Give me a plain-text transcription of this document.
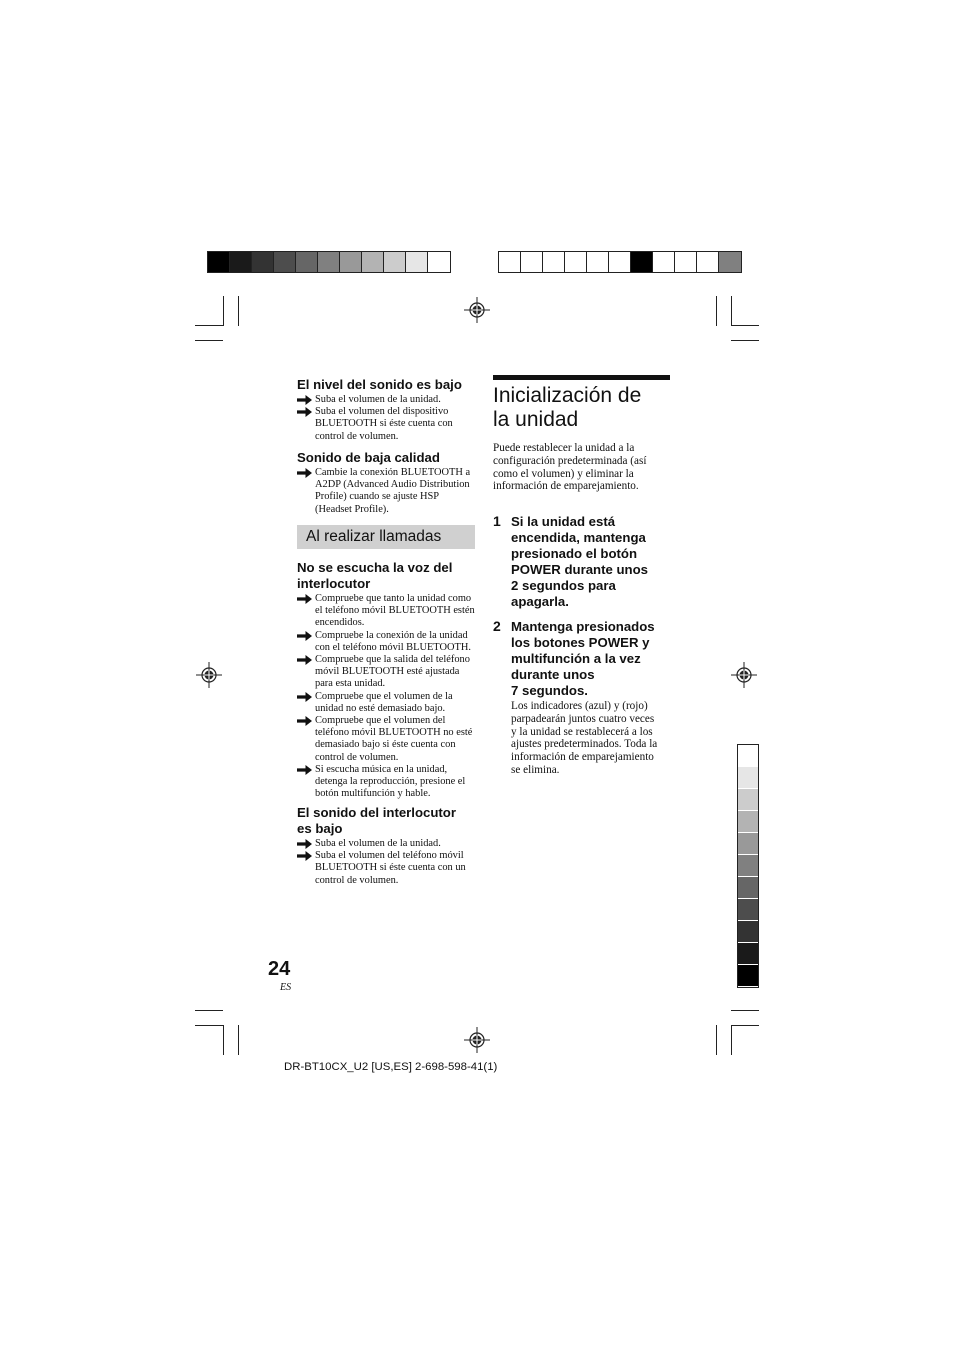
El nivel del sonido es bajo
Suba el volumen de la unidad.
Suba el volumen del dispositivo BLUETOOTH si éste cuenta con control de volumen.
Sonido de baja calidad
Cambie la conexión BLUETOOTH a A2DP (Advanced Audio Distribution Profile) cuando se ajuste HSP (Headset Profile).
Al realizar llamadas
No se escucha la voz del
interlocutor
Compruebe que tanto la unidad como el teléfono móvil BLUETOOTH estén encendidos.
Compruebe la conexión de la unidad con el teléfono móvil BLUETOOTH.
Compruebe que la salida del teléfono móvil BLUETOOTH esté ajustada para esta unidad.
Compruebe que el volumen de la unidad no esté demasiado bajo.
Compruebe que el volumen del teléfono móvil BLUETOOTH no esté demasiado bajo si éste cuenta con control de volumen.
Si escucha música en la unidad, detenga la reproducción, presione el botón multifunción y hable.
El sonido del interlocutor
es bajo
Suba el volumen de la unidad.
Suba el volumen del teléfono móvil BLUETOOTH si éste cuenta con un control de volumen.
Inicialización de
la unidad
Puede restablecer la unidad a la
configuración predeterminada (así
como el volumen) y eliminar la
información de emparejamiento.
1 Si la unidad está
encendida, mantenga
presionado el botón
POWER durante unos
2 segundos para
apagarla.
2 Mantenga presionados
los botones POWER y
multifunción a la vez
durante unos
7 segundos.
Los indicadores (azul) y (rojo)
parpadearán juntos cuatro veces
y la unidad se restablecerá a los
ajustes predeterminados. Toda la
información de emparejamiento
se elimina.
24
ES
DR-BT10CX_U2 [US,ES] 2-698-598-41(1)
